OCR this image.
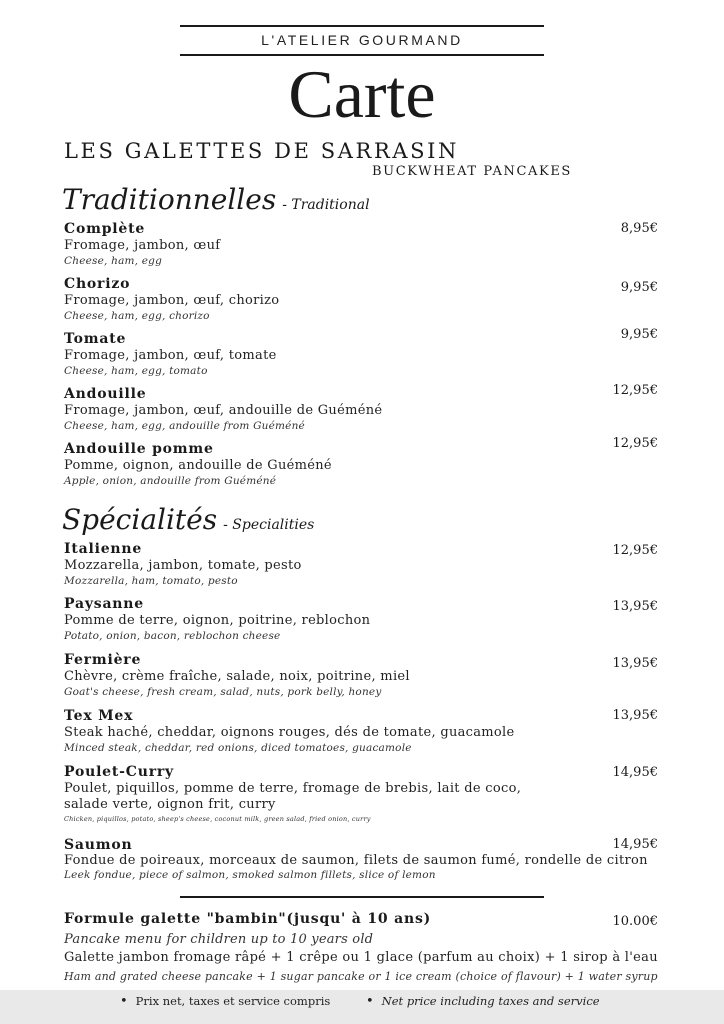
L'ATELIER GOURMAND
Carte
LES GALETTES DE SARRASIN
BUCKWHEAT PANCAKES
Traditionnelles - Traditional
Complète
Fromage, jambon, œuf
Cheese, ham, egg
8,95€
Chorizo
Fromage, jambon, œuf, chorizo
Cheese, ham, egg, chorizo
9,95€
Tomate
Fromage, jambon, œuf, tomate
Cheese, ham, egg, tomato
9,95€
Andouille
Fromage, jambon, œuf, andouille de Guéméné
Cheese, ham, egg, andouille from Guéméné
12,95€
Andouille pomme
Pomme, oignon, andouille de Guéméné
Apple, onion, andouille from Guéméné
12,95€
Spécialités - Specialities
Italienne
Mozzarella, jambon, tomate, pesto
Mozzarella, ham, tomato, pesto
12,95€
Paysanne
Pomme de terre, oignon, poitrine, reblochon
Potato, onion, bacon, reblochon cheese
13,95€
Fermière
Chèvre, crème fraîche, salade, noix, poitrine, miel
Goat's cheese, fresh cream, salad, nuts, pork belly, honey
13,95€
Tex Mex
Steak haché, cheddar, oignons rouges, dés de tomate, guacamole
Minced steak, cheddar, red onions, diced tomatoes, guacamole
13,95€
Poulet-Curry
Poulet, piquillos, pomme de terre, fromage de brebis, lait de coco,
salade verte, oignon frit, curry
Chicken, piquillos, potato, sheep's cheese, coconut milk, green salad, fried onion, curry
14,95€
Saumon
Fondue de poireaux, morceaux de saumon, filets de saumon fumé, rondelle de citron
Leek fondue, piece of salmon, smoked salmon fillets, slice of lemon
14,95€
Formule galette "bambin"(jusqu' à 10 ans)	10.00€
Pancake menu for children up to 10 years old
Galette jambon fromage râpé + 1 crêpe ou 1 glace (parfum au choix) + 1 sirop à l'eau
Ham and grated cheese pancake + 1 sugar pancake or 1 ice cream (choice of flavour) + 1 water syrup
• Prix net, taxes et service compris	• Net price including taxes and service
